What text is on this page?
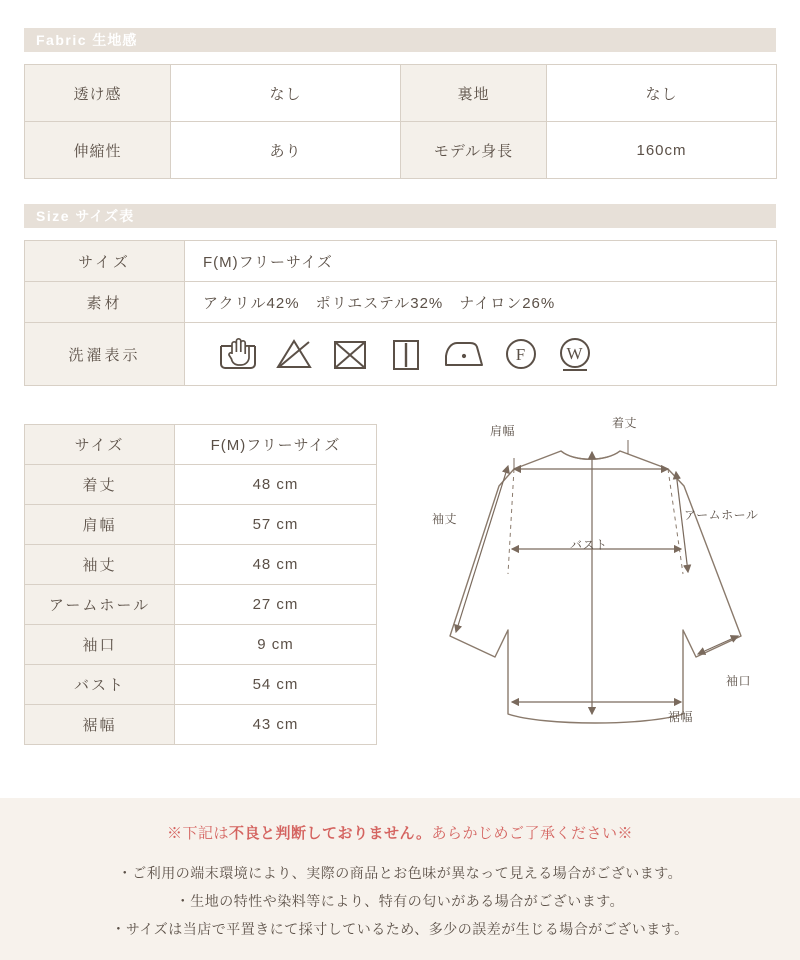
Fabric 生地感
透け感	なし	裏地	なし
伸縮性	あり	モデル身長	160cm
Size サイズ表
サイズ	F(M)フリーサイズ
素材	アクリル42%　ポリエステル32%　ナイロン26%
洗濯表示	F W
サイズ	F(M)フリーサイズ
着丈	48 cm
肩幅	57 cm
袖丈	48 cm
アームホール	27 cm
袖口	9 cm
バスト	54 cm
裾幅	43 cm
肩幅
着丈
袖丈	アームホール
バスト
袖口
裾幅
※下記は不良と判断しておりません。あらかじめご了承ください※
・ご利用の端末環境により、実際の商品とお色味が異なって見える場合がございます。
・生地の特性や染料等により、特有の匂いがある場合がございます。
・サイズは当店で平置きにて採寸しているため、多少の誤差が生じる場合がございます。
